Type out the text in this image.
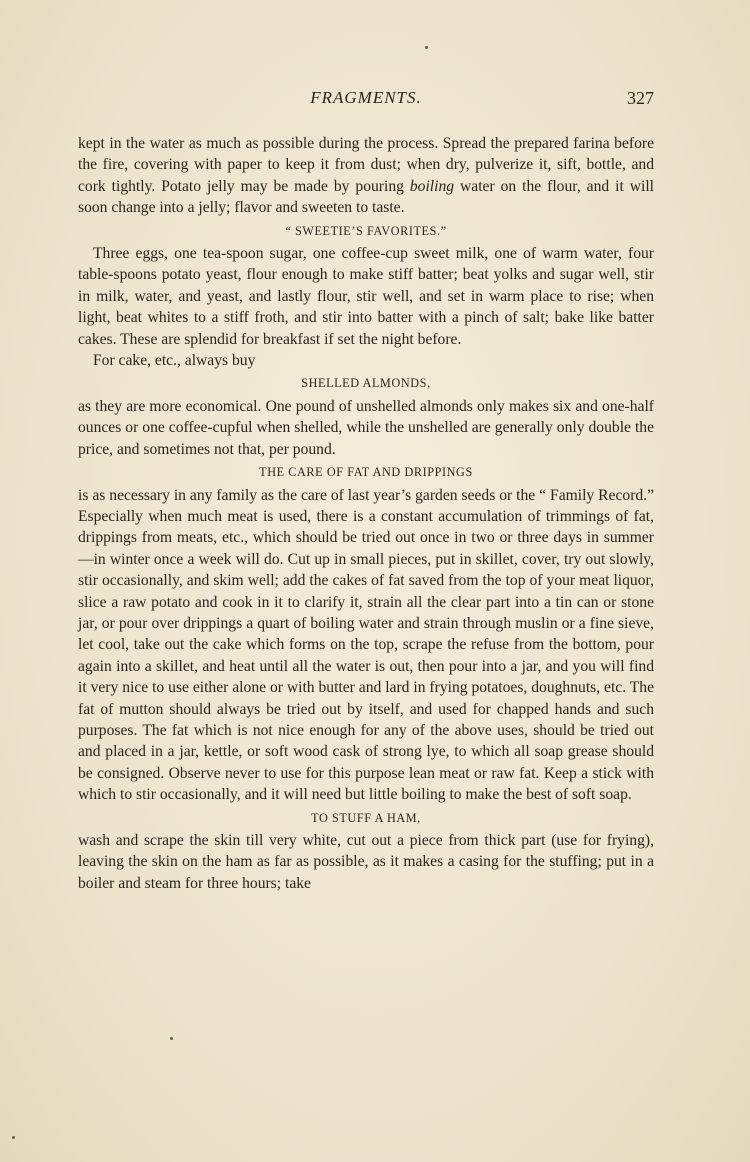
FRAGMENTS.	327

kept in the water as much as possible during the process. Spread the prepared farina before the fire, covering with paper to keep it from dust; when dry, pulverize it, sift, bottle, and cork tightly. Potato jelly may be made by pouring boiling water on the flour, and it will soon change into a jelly; flavor and sweeten to taste.

“ SWEETIE’S FAVORITES.”

Three eggs, one tea-spoon sugar, one coffee-cup sweet milk, one of warm water, four table-spoons potato yeast, flour enough to make stiff batter; beat yolks and sugar well, stir in milk, water, and yeast, and lastly flour, stir well, and set in warm place to rise; when light, beat whites to a stiff froth, and stir into batter with a pinch of salt; bake like batter cakes. These are splendid for breakfast if set the night before.

For cake, etc., always buy

SHELLED ALMONDS,

as they are more economical. One pound of unshelled almonds only makes six and one-half ounces or one coffee-cupful when shelled, while the unshelled are generally only double the price, and sometimes not that, per pound.

THE CARE OF FAT AND DRIPPINGS

is as necessary in any family as the care of last year’s garden seeds or the “ Family Record.” Especially when much meat is used, there is a constant accumulation of trimmings of fat, drippings from meats, etc., which should be tried out once in two or three days in summer—in winter once a week will do. Cut up in small pieces, put in skillet, cover, try out slowly, stir occasionally, and skim well; add the cakes of fat saved from the top of your meat liquor, slice a raw potato and cook in it to clarify it, strain all the clear part into a tin can or stone jar, or pour over drippings a quart of boiling water and strain through muslin or a fine sieve, let cool, take out the cake which forms on the top, scrape the refuse from the bottom, pour again into a skillet, and heat until all the water is out, then pour into a jar, and you will find it very nice to use either alone or with butter and lard in frying potatoes, doughnuts, etc. The fat of mutton should always be tried out by itself, and used for chapped hands and such purposes. The fat which is not nice enough for any of the above uses, should be tried out and placed in a jar, kettle, or soft wood cask of strong lye, to which all soap grease should be consigned. Observe never to use for this purpose lean meat or raw fat. Keep a stick with which to stir occasionally, and it will need but little boiling to make the best of soft soap.

TO STUFF A HAM,

wash and scrape the skin till very white, cut out a piece from thick part (use for frying), leaving the skin on the ham as far as possible, as it makes a casing for the stuffing; put in a boiler and steam for three hours; take
